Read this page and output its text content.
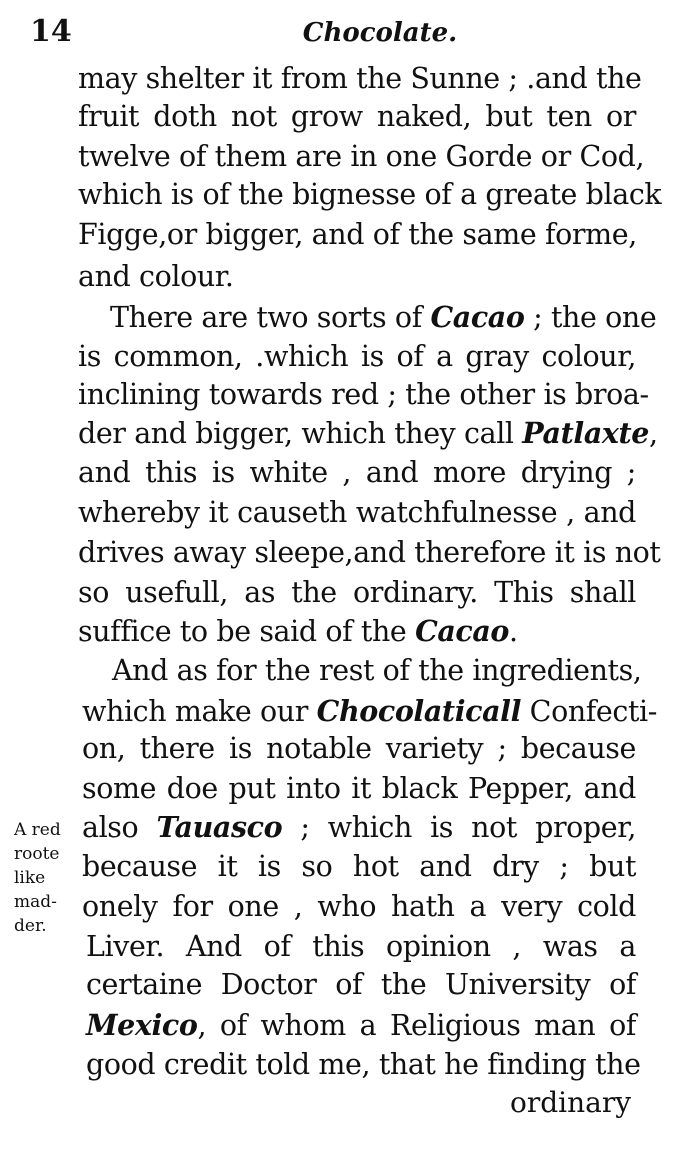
14	Chocolate.
may shelter it from the Sunne ; .and the
fruit doth not grow naked, but ten or
twelve of them are in one Gorde or Cod,
which is of the bignesse of a greate black
Figge,or bigger, and of the same forme,
and colour.
There are two sorts of Cacao ; the one
is common, .which is of a gray colour,
inclining towards red ; the other is broa-
der and bigger, which they call Patlaxte,
and this is white , and more drying ;
whereby it causeth watchfulnesse , and
drives away sleepe,and therefore it is not
so usefull, as the ordinary. This shall
suffice to be said of the Cacao.
And as for the rest of the ingredients,
which make our Chocolaticall Confecti-
on, there is notable variety ; because
some doe put into it black Pepper, and
also Tauasco ; which is not proper,
because it is so hot and dry ; but
onely for one , who hath a very cold
Liver. And of this opinion , was a
certaine Doctor of the University of
Mexico, of whom a Religious man of
good credit told me, that he finding the
ordinary
A red
roote
like
mad-
der.
